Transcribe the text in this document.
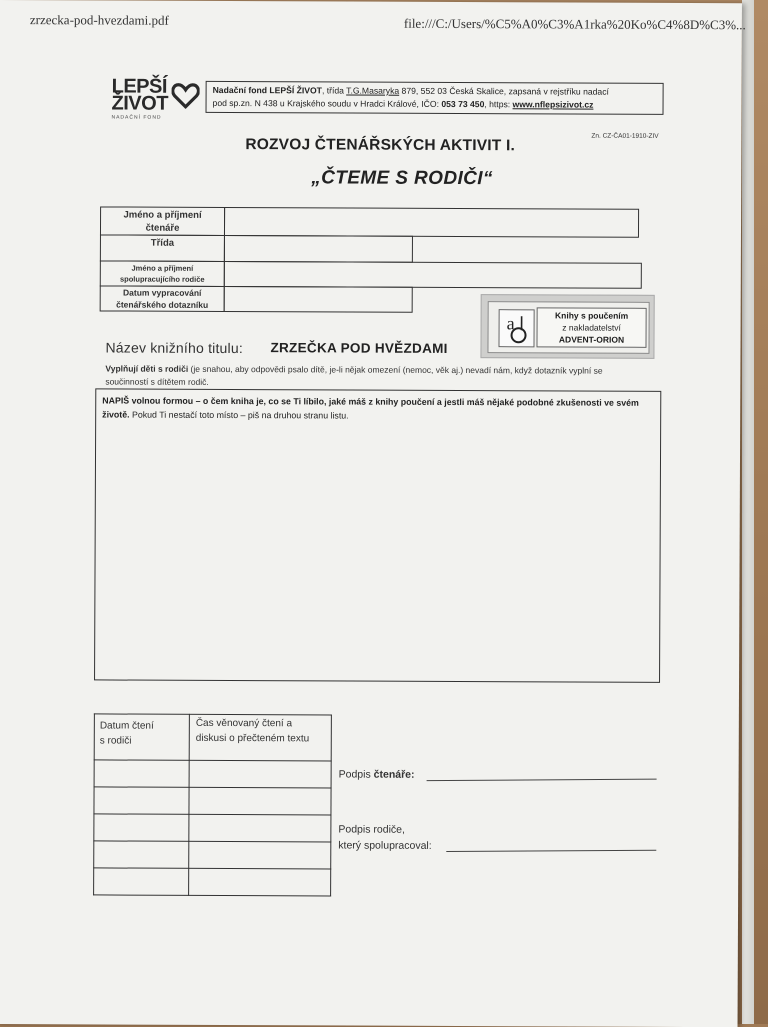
zrzecka-pod-hvezdami.pdf	file:///C:/Users/%C5%A0%C3%A1rka%20Ko%C4%8D%C3%...
LEPŠÍ
ŽIVOT
NADAČNÍ FOND
Nadační fond LEPŠÍ ŽIVOT, třída T.G.Masaryka 879, 552 03 Česká Skalice, zapsaná v rejstříku nadací
pod sp.zn. N 438 u Krajského soudu v Hradci Králové, IČO: 053 73 450, https: www.nflepsizivot.cz
Zn. CZ-ČA01-1910-ZIV
ROZVOJ ČTENÁŘSKÝCH AKTIVIT I.
„ČTEME S RODIČI“
Jméno a příjmení
čtenáře
Třída
Jméno a příjmení
spolupracujícího rodiče
Datum vypracování
čtenářského dotazníku
a	Knihy s poučením
z nakladatelství
ADVENT-ORION
Název knižního titulu: ZRZEČKA POD HVĚZDAMI
Vyplňují děti s rodiči (je snahou, aby odpovědi psalo dítě, je-li nějak omezení (nemoc, věk aj.) nevadí nám, když dotazník vyplní se součinností s dítětem rodič.
NAPIŠ volnou formou – o čem kniha je, co se Ti líbilo, jaké máš z knihy poučení a jestli máš nějaké podobné zkušenosti ve svém životě. Pokud Ti nestačí toto místo – piš na druhou stranu listu.
Datum čtení
s rodiči
Čas věnovaný čtení a
diskusi o přečteném textu
Podpis čtenáře:
Podpis rodiče,
který spolupracoval:
